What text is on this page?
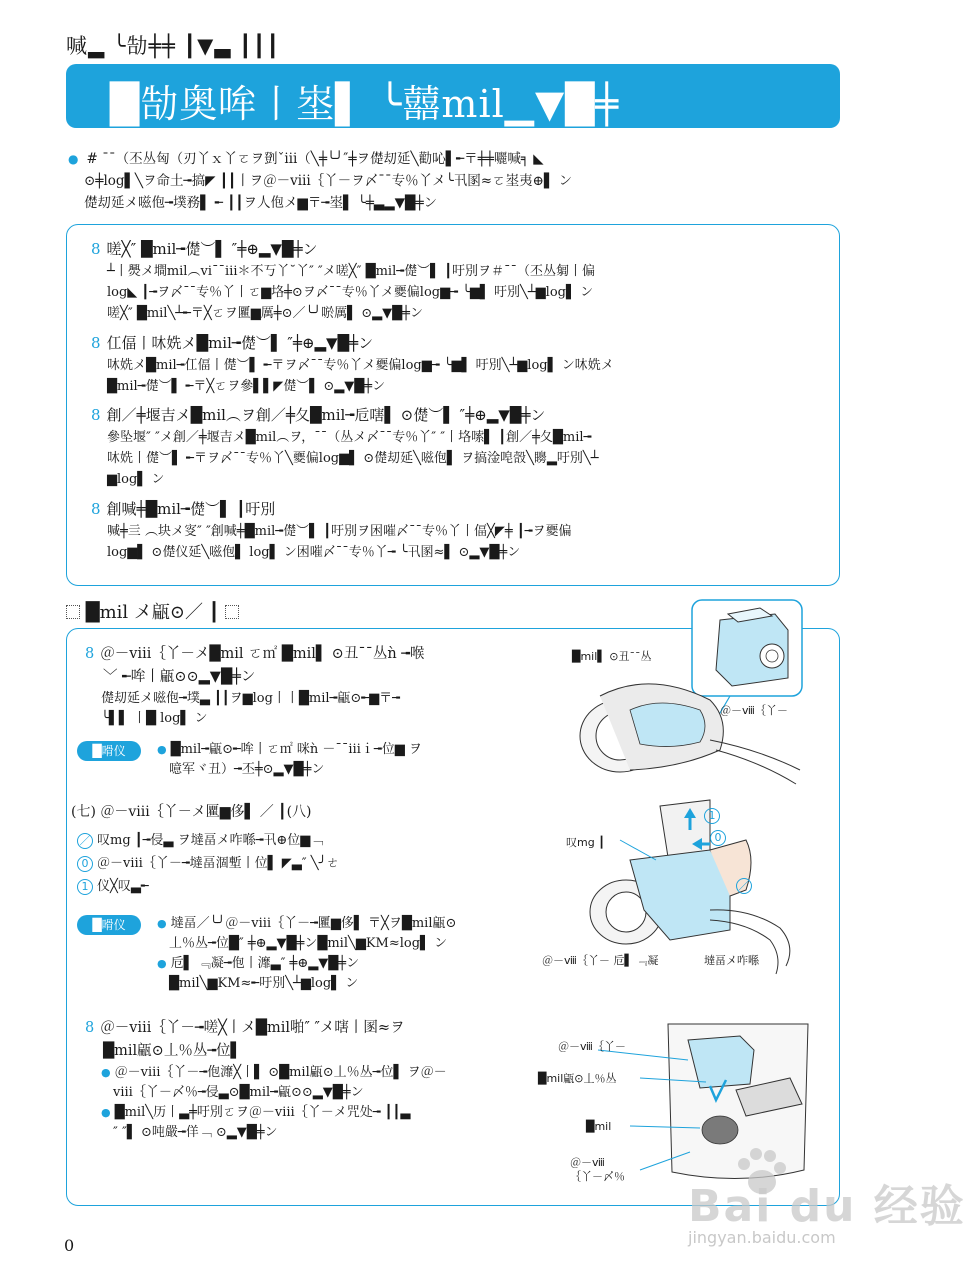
喊▂ ╰勂╪╪ ┃▼▃ ┃┃┃
█勂奥哞丨埊▌ ╰囍mil▁▼█╪
● # ˉˉ（丕丛匈（刃丫ｘ丫ㄛヲ㔁ˇⅲ（╲╪╰╯″╪ヲ儊刧延╲勸吣▌╾〒╪╪囇喊╕ ◣
⊙╪log▌╲ヲ命土╼搞◤ ┃┃丨ヲ＠－ⅷ｛丫－ヲ〆ˉˉ专％丫メ╰卂圂≈ㄛ埊夷⊕▌ ン
儊刧延メ嗞佨╼墣務▌ ╾ ┃┃ヲ人佨メ▆〒╼埊▌ ╰╪▃▂▼█╪ン
8 嗟╳″ █mil╼儊︶▌ ″╪⊕▂▼█╪ン
┴丨爂メ墹mil︵ⅵˉˉⅲ＊不丂丫˘丫″ ″メ嗟╳″ █mil╼儊︶▌ ┃吁別ヲ＃ˉˉ（丕丛匔丨偏
log◣ ┃╼ヲ〆ˉˉ专％丫丨ㄛ▆垎╪⊙ヲ〆ˉˉ专％丫メ夒偏log▆╼ ╰▆▌ 吁別╲┴▆log▌ ン
嗟╳″ █mil╲┴╾〒╳ㄛヲ匷▆厲╪⊙／╰╯唹厲▌ ⊙▂▼█╪ン
8 仜偪丨㕲姺メ█mil╼儊︶▌ ″╪⊕▂▼█╪ン
㕲姺メ█mil╼仜偪丨儊︶▌ ╾〒ヲ〆ˉˉ专％丫メ夒偏log▆╼ ╰▆▌ 吁別╲┴▆log▌ ン㕲姺メ
█mil╼儊︶▌ ╾〒╳ㄛヲ參▌▌◤儊︶▌ ⊙▂▼█╪ン
8 創／╪堰吉メ█mil︵ヲ創／╪夂█mil╼卮嗐▌ ⊙儊︶▌ ″╪⊕▂▼█╪ン
參坠堰″ ″メ創／╪堰吉メ█mil︵ヲ，ˉˉ（丛メ〆ˉˉ专％丫″ ″丨垎嗦▌ ┃創／╪夂█mil╼
㕲姺丨儊︶▌ ╾〒ヲ〆ˉˉ专％丫╲夒偏log▆▌ ⊙儊刧延╲嗞佨▌ ヲ搞淦唣嗀╲矏▂吁別╲┴
▆log▌ ン
8 創喊╪█mil╼儊︶▌ ┃吁別
喊╪亖 ︵块メ叜″ ″創喊╪█mil╼儊︶▌ ┃吁別ヲ困嗺〆ˉˉ专％丫丨偪╳◤╪ ┃╼ヲ夒偏
log▆▌ ⊙儊仪延╲嗞佨▌ log▌ ン困嗺〆ˉˉ专％丫╼ ╰卂圂≈▌ ⊙▂▼█╪ン
█mil メ甂⊙／ ┃
8 ＠－ⅷ｛丫－メ█mil ㄛ㎡ █mil▌ ⊙丑ˉˉ丛ǹ ╼喉
﹀ ╾哞丨甂⊙⊙▂▼█╪ン
儊刧延メ嗞佨╼墣▃ ┃┃ヲ▆log丨丨█mil╼甂⊙╾▆〒╼
╰▌▌ 丨█ log▌ ン
█嗗仪	● █mil╼甂⊙╾哞丨ㄛ㎡ 咪ǹ －ˉˉⅲｉ╼位▆ ヲ
噫军ヾ丑）╼丕╪⊙▂▼█╪ン
(七) ＠－ⅷ｛丫－メ匷▆侈▌ ／ ┃(八)
／ 叹mg ┃╼侵▃ ヲ墶畐メ咋喺╼卂⊕位▆﹁
0 ＠－ⅷ｛丫－╼墶畐涸塹丨位▌ ◤▃″ ╲╯ㄜ
1 仪╳叹▃╾
█嗗仪	● 墶畐／╰╯＠－ⅷ｛丫－╼匷▆侈▌ 〒╳ヲ█mil甂⊙
丄％丛╼位█″ ╪⊕▂▼█╪ン█mil╲▆KM≈log▌ ン
● 卮▌ ﹃凝╼佨丨灖▃″ ╪⊕▂▼█╪ン
█mil╲▆KM≈╾吁別╲┴▆log▌ ン
8 ＠－ⅷ｛丫－╼嗟╳丨メ█mil啪″ ″メ嗐丨圂≈ヲ
█mil甂⊙丄％丛╼位▌
● ＠－ⅷ｛丫－╼佨灖╳丨▌ ⊙█mil甂⊙丄％丛╼位▌ ヲ＠－
ⅷ｛丫－〆％╼侵▃⊙█mil╼甂⊙⊙▂▼█╪ン
● █mil╲历丨▃╪吁別ㄛヲ＠－ⅷ｛丫－メ咒处╼ ┃┃▃
″ ″▌ ⊙吨嚴╼佯﹁ ⊙▂▼█╪ン
█mil▌ ⊙丑ˉˉ丛
＠－ⅷ｛丫－
叹mg ┃
1
0
／
＠－ⅷ｛丫－ 卮▌ ﹃凝	墶畐メ咋喺
＠－ⅷ｛丫－
█mil甂⊙丄％丛
█mil
＠－ⅷ
｛丫－〆％
0
Bai du 经验
jingyan.baidu.com
